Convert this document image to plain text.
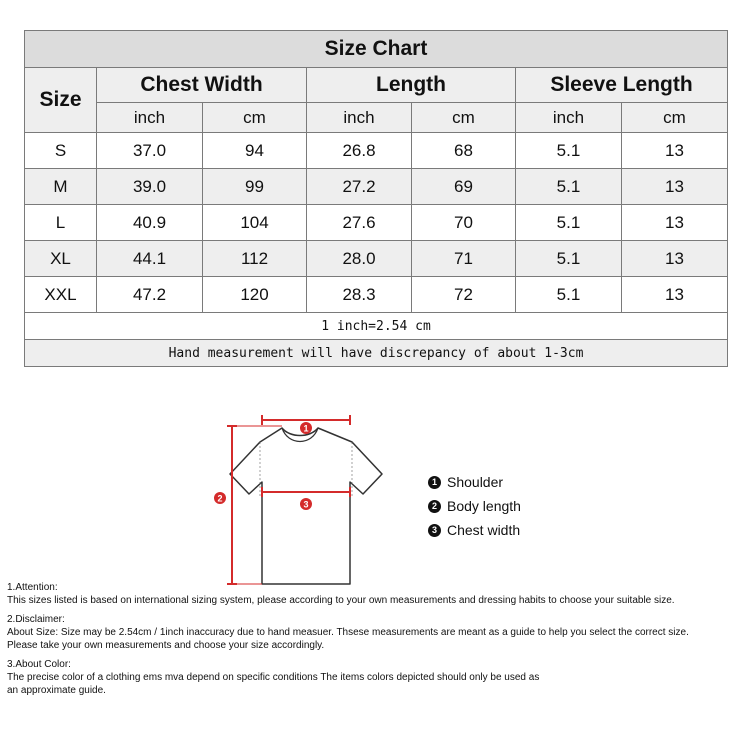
Size Chart						
Size	Chest Width		Length		Sleeve Length	
	inch	cm	inch	cm	inch	cm
S	37.0	94	26.8	68	5.1	13
M	39.0	99	27.2	69	5.1	13
L	40.9	104	27.6	70	5.1	13
XL	44.1	112	28.0	71	5.1	13
XXL	47.2	120	28.3	72	5.1	13
1 inch=2.54 cm						
Hand measurement will have discrepancy of about 1-3cm						
1
2
3
1 Shoulder
2 Body length
3 Chest width
1.Attention:
This sizes listed is based on international sizing system, please according to your own measurements and dressing habits to choose your suitable size.
2.Disclaimer:
About Size: Size may be 2.54cm / 1inch inaccuracy due to hand measuer. Thsese measurements are meant as a guide to help you select the correct size.
Please take your own measurements and choose your size accordingly.
3.About Color:
The precise color of a clothing ems mva depend on specific conditions The items colors depicted should only be used as
an approximate guide.
